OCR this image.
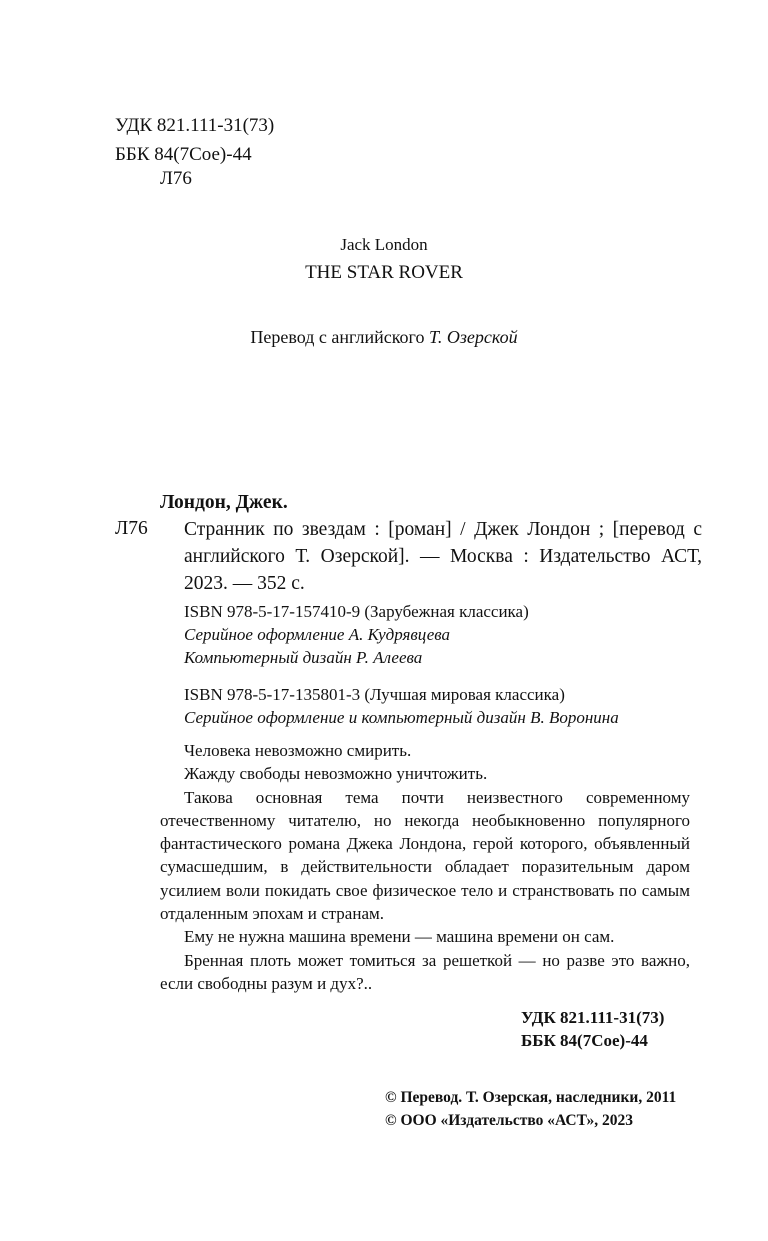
УДК 821.111-31(73)
ББК 84(7Сое)-44
Л76
Jack London
THE STAR ROVER
Перевод с английского Т. Озерской
Лондон, Джек.
Л76 Странник по звездам : [роман] / Джек Лондон ; [перевод с английского Т. Озерской]. — Москва : Издательство АСТ, 2023. — 352 с.
ISBN 978-5-17-157410-9 (Зарубежная классика)
Серийное оформление А. Кудрявцева
Компьютерный дизайн Р. Алеева
ISBN 978-5-17-135801-3 (Лучшая мировая классика)
Серийное оформление и компьютерный дизайн В. Воронина

Человека невозможно смирить.

Жажду свободы невозможно уничтожить.

Такова основная тема почти неизвестного современному отечественному читателю, но некогда необыкновенно популярного фантастического романа Джека Лондона, герой которого, объявленный сумасшедшим, в действительности обладает поразительным даром усилием воли покидать свое физическое тело и странствовать по самым отдаленным эпохам и странам.

Ему не нужна машина времени — машина времени он сам.

Бренная плоть может томиться за решеткой — но разве это важно, если свободны разум и дух?..

УДК 821.111-31(73)
ББК 84(7Сое)-44
© Перевод. Т. Озерская, наследники, 2011
© ООО «Издательство «АСТ», 2023
